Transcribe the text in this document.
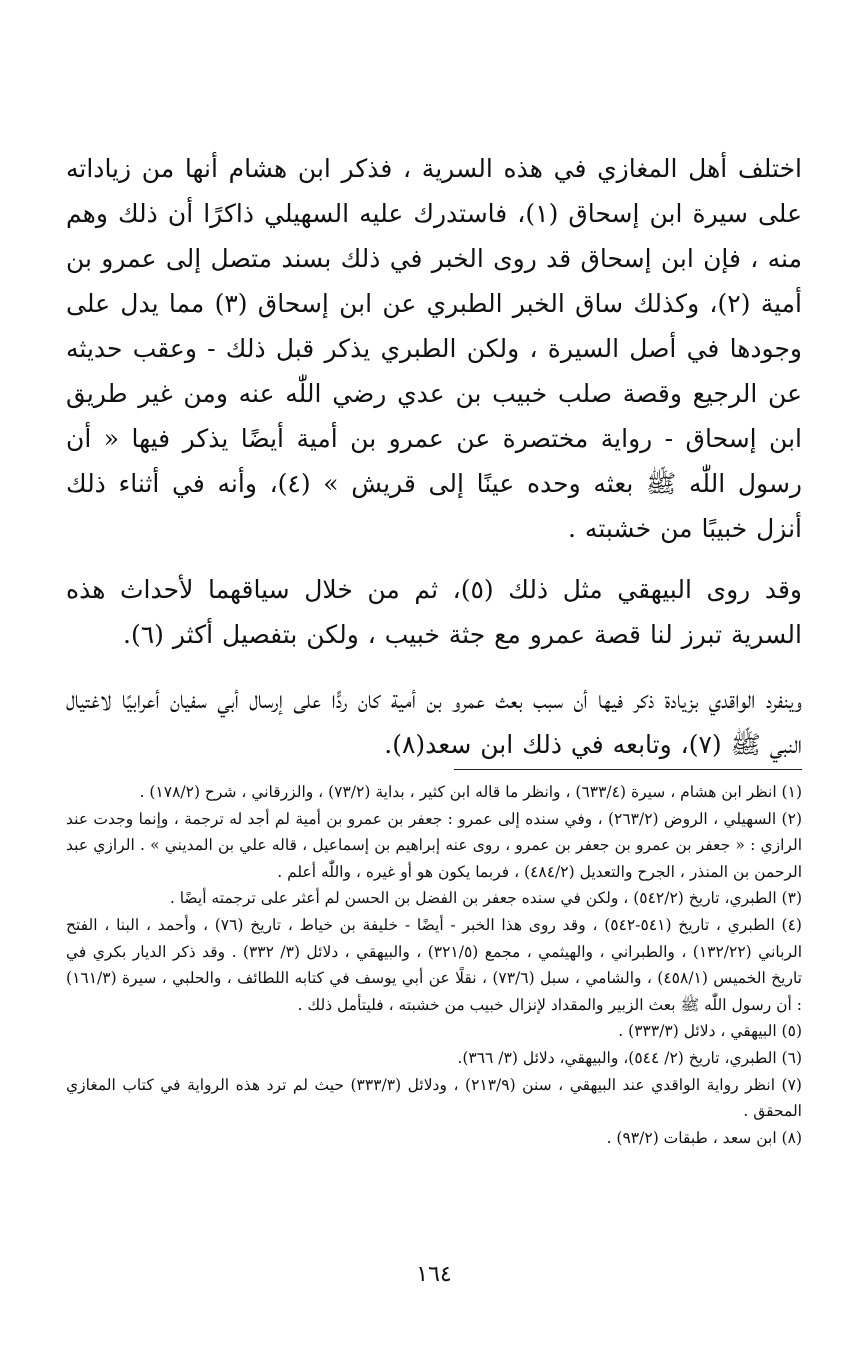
اختلف أهل المغازي في هذه السرية ، فذكر ابن هشام أنها من زياداته على سيرة ابن إسحاق (١)، فاستدرك عليه السهيلي ذاكرًا أن ذلك وهم منه ، فإن ابن إسحاق قد روى الخبر في ذلك بسند متصل إلى عمرو بن أمية (٢)، وكذلك ساق الخبر الطبري عن ابن إسحاق (٣) مما يدل على وجودها في أصل السيرة ، ولكن الطبري يذكر قبل ذلك - وعقب حديثه عن الرجيع وقصة صلب خبيب بن عدي رضي اللّٰه عنه ومن غير طريق ابن إسحاق - رواية مختصرة عن عمرو بن أمية أيضًا يذكر فيها « أن رسول اللّٰه ﷺ بعثه وحده عينًا إلى قريش » (٤)، وأنه في أثناء ذلك أنزل خبيبًا من خشبته .

وقد روى البيهقي مثل ذلك (٥)، ثم من خلال سياقهما لأحداث هذه السرية تبرز لنا قصة عمرو مع جثة خبيب ، ولكن بتفصيل أكثر (٦).

وينفرد الواقدي بزيادة ذكر فيها أن سبب بعث عمرو بن أمية كان ردًّا على إرسال أبي سفيان أعرابيًا لاغتيال النبي ﷺ (٧)، وتابعه في ذلك ابن سعد(٨).

(١) انظر ابن هشام ، سيرة (٦٣٣/٤) ، وانظر ما قاله ابن كثير ، بداية (٧٣/٢) ، والزرقاني ، شرح (١٧٨/٢) .

(٢) السهيلي ، الروض (٢٦٣/٢) ، وفي سنده إلى عمرو : جعفر بن عمرو بن أمية لم أجد له ترجمة ، وإنما وجدت عند الرازي : « جعفر بن عمرو بن جعفر بن عمرو ، روى عنه إبراهيم بن إسماعيل ، قاله علي بن المديني » . الرازي عبد الرحمن بن المنذر ، الجرح والتعديل (٤٨٤/٢) ، فربما يكون هو أو غيره ، واللّٰه أعلم .

(٣) الطبري، تاريخ (٥٤٢/٢) ، ولكن في سنده جعفر بن الفضل بن الحسن لم أعثر على ترجمته أيضًا .

(٤) الطبري ، تاريخ (٥٤١-٥٤٢) ، وقد روى هذا الخبر - أيضًا - خليفة بن خياط ، تاريخ (٧٦) ، وأحمد ، البنا ، الفتح الرباني (١٣٢/٢٢) ، والطبراني ، والهيثمي ، مجمع (٣٢١/٥) ، والبيهقي ، دلائل (٣/ ٣٣٢) . وقد ذكر الديار بكري في تاريخ الخميس (٤٥٨/١) ، والشامي ، سبل (٧٣/٦) ، نقلًا عن أبي يوسف في كتابه اللطائف ، والحلبي ، سيرة (١٦١/٣) : أن رسول اللّٰه ﷺ بعث الزبير والمقداد لإنزال خبيب من خشبته ، فليتأمل ذلك .

(٥) البيهقي ، دلائل (٣٣٣/٣) .

(٦) الطبري، تاريخ (٢/ ٥٤٤)، والبيهقي، دلائل (٣/ ٣٦٦).

(٧) انظر رواية الواقدي عند البيهقي ، سنن (٢١٣/٩) ، ودلائل (٣٣٣/٣) حيث لم ترد هذه الرواية في كتاب المغازي المحقق .

(٨) ابن سعد ، طبقات (٩٣/٢) .

١٦٤
